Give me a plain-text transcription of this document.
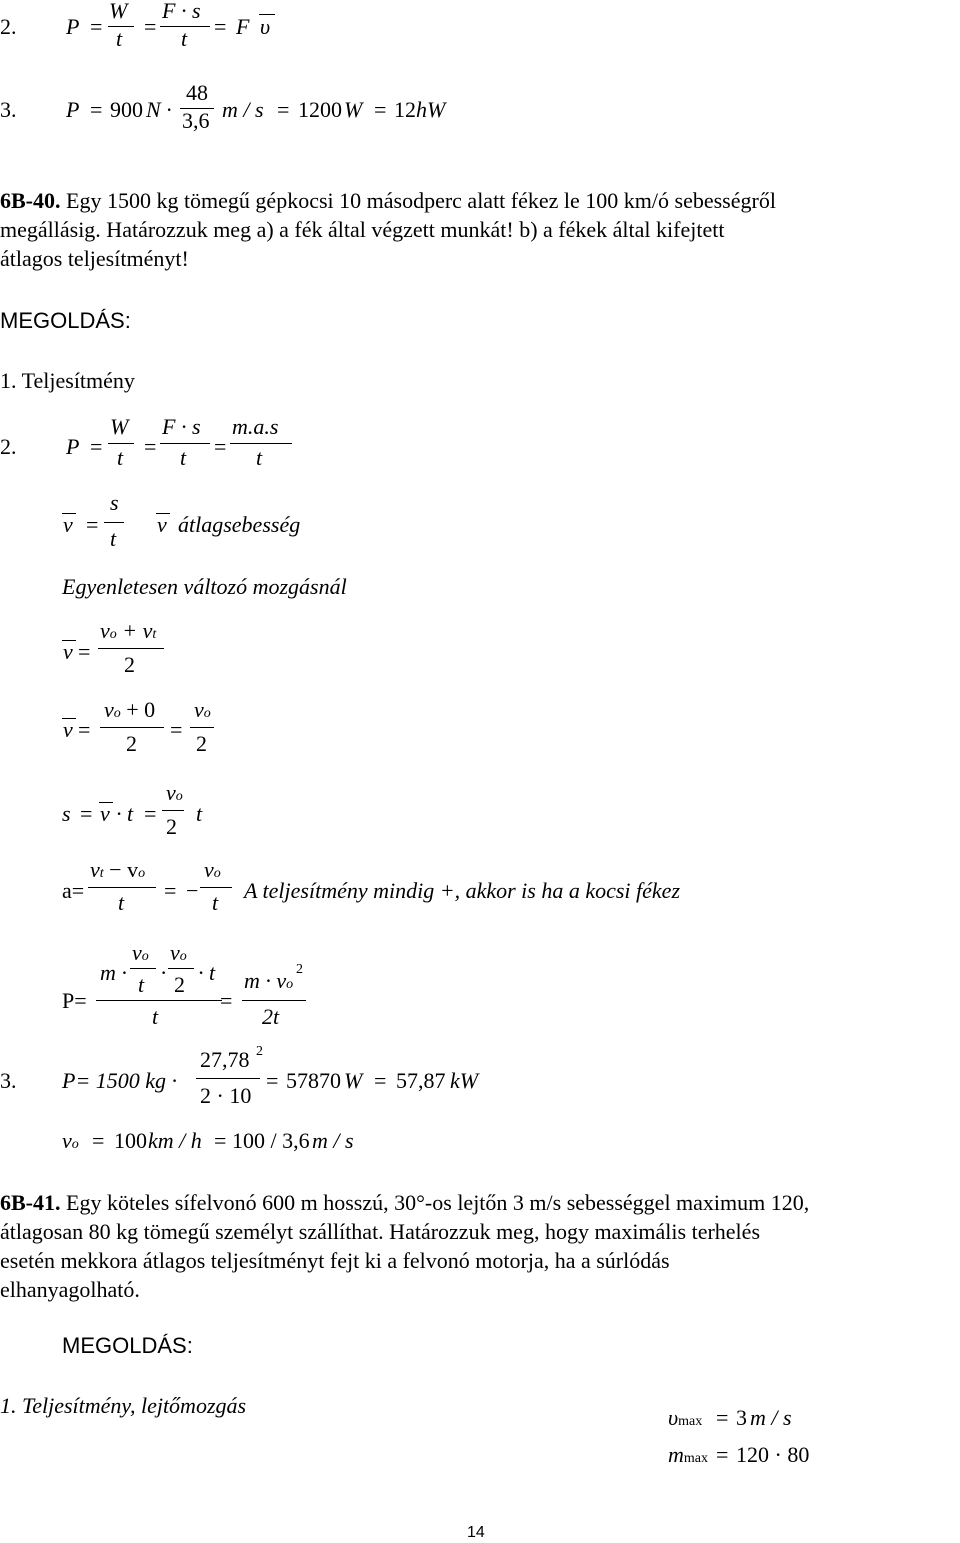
2. P =
W
t =
F · s
t = F υ
3. P = 900 N ·
48
3,6 m / s = 1200 W = 12 hW
6B-40. Egy 1500 kg tömegű gépkocsi 10 másodperc alatt fékez le 100 km/ó sebességről
megállásig. Határozzuk meg a) a fék által végzett munkát! b) a fékek által kifejtett
átlagos teljesítményt!
MEGOLDÁS:
1. Teljesítmény
2. P =
W
t =
F · s
t =
m.a.s
t
v =
s
t
v átlagsebesség
Egyenletesen változó mozgásnál
v =
vo + vt
2
v =
vo + 0
2
=
vo
2
s = v · t =
vo
2
t
a=
vt − vo
t = −
vo
t A teljesítmény mindig +, akkor is ha a kocsi fékez
P=
m ·
vo
t ·
vo
2 · t
t
=
m · vo
2
2t
3. P= 1500 kg ·
27,78 2
2 · 10
= 57870 W = 57,87 kW
vo = 100 km / h = 100 / 3,6 m / s
6B-41. Egy köteles sífelvonó 600 m hosszú, 30°-os lejtőn 3 m/s sebességgel maximum 120,
átlagosan 80 kg tömegű személyt szállíthat. Határozzuk meg, hogy maximális terhelés
esetén mekkora átlagos teljesítményt fejt ki a felvonó motorja, ha a súrlódás
elhanyagolható.
MEGOLDÁS:
1. Teljesítmény, lejtőmozgás	υmax = 3 m / s
mmax = 120 · 80
14
